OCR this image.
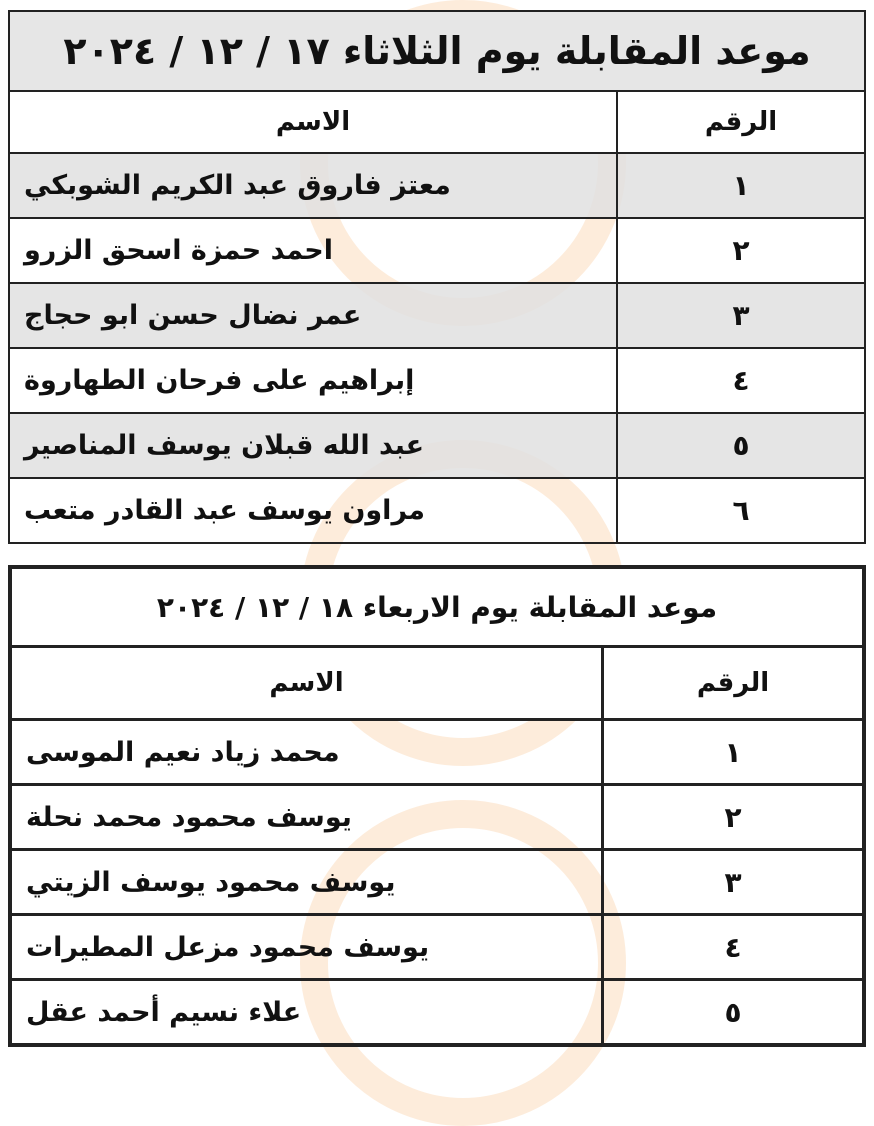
موعد المقابلة يوم الثلاثاء ١٧ / ١٢ / ٢٠٢٤	
الرقم	الاسم
١	معتز فاروق عبد الكريم الشوبكي
٢	احمد حمزة اسحق الزرو
٣	عمر نضال حسن ابو حجاج
٤	إبراهيم على فرحان الطهاروة
٥	عبد الله قبلان يوسف المناصير
٦	مراون يوسف عبد القادر متعب
موعد المقابلة يوم الاربعاء ١٨ / ١٢ / ٢٠٢٤	
الرقم	الاسم
١	محمد زياد نعيم الموسى
٢	يوسف محمود محمد نحلة
٣	يوسف محمود يوسف الزيتي
٤	يوسف محمود مزعل المطيرات
٥	علاء نسيم أحمد عقل
